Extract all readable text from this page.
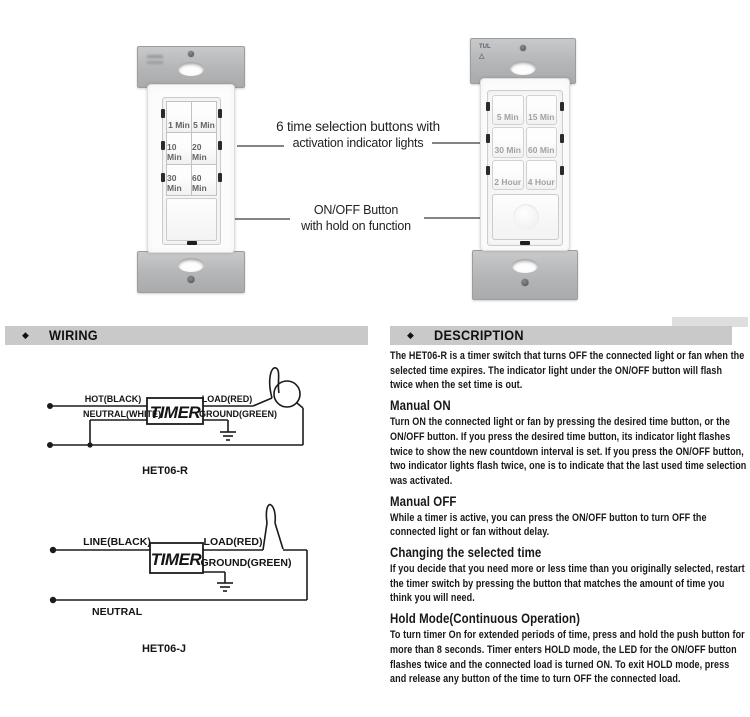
1 Min 5 Min
10 Min
20 Min
30 Min
60 Min
TUL
△
5 Min 15 Min
30 Min 60 Min
2 Hour 4 Hour
6 time selection buttons with
activation indicator lights
ON/OFF Button
with hold on function
◆ WIRING
HOT(BLACK)
NEUTRAL(WHITE)
LOAD(RED)
GROUND(GREEN)
TIMER
HET06-R
LINE(BLACK)	LOAD(RED)
GROUND(GREEN)
NEUTRAL
TIMER
HET06-J
◆ DESCRIPTION

The HET06-R is a timer switch that turns OFF the connected light or fan when the selected time expires. The indicator light under the ON/OFF button will flash twice when the set time is out.

Manual ON

Turn ON the connected light or fan by pressing the desired time button, or the ON/OFF button. If you press the desired time button, its indicator light flashes twice to show the new countdown interval is set. If you press the ON/OFF button, two indicator lights flash twice, one is to indicate that the last used time selection was activated.

Manual OFF

While a timer is active, you can press the ON/OFF button to turn OFF the connected light or fan without delay.

Changing the selected time

If you decide that you need more or less time than you originally selected, restart the timer switch by pressing the button that matches the amount of time you think you will need.

Hold Mode(Continuous Operation)

To turn timer On for extended periods of time, press and hold the push button for more than 8 seconds. Timer enters HOLD mode, the LED for the ON/OFF button flashes twice and the connected load is turned ON. To exit HOLD mode, press and release any button of the time to turn OFF the connected load.
